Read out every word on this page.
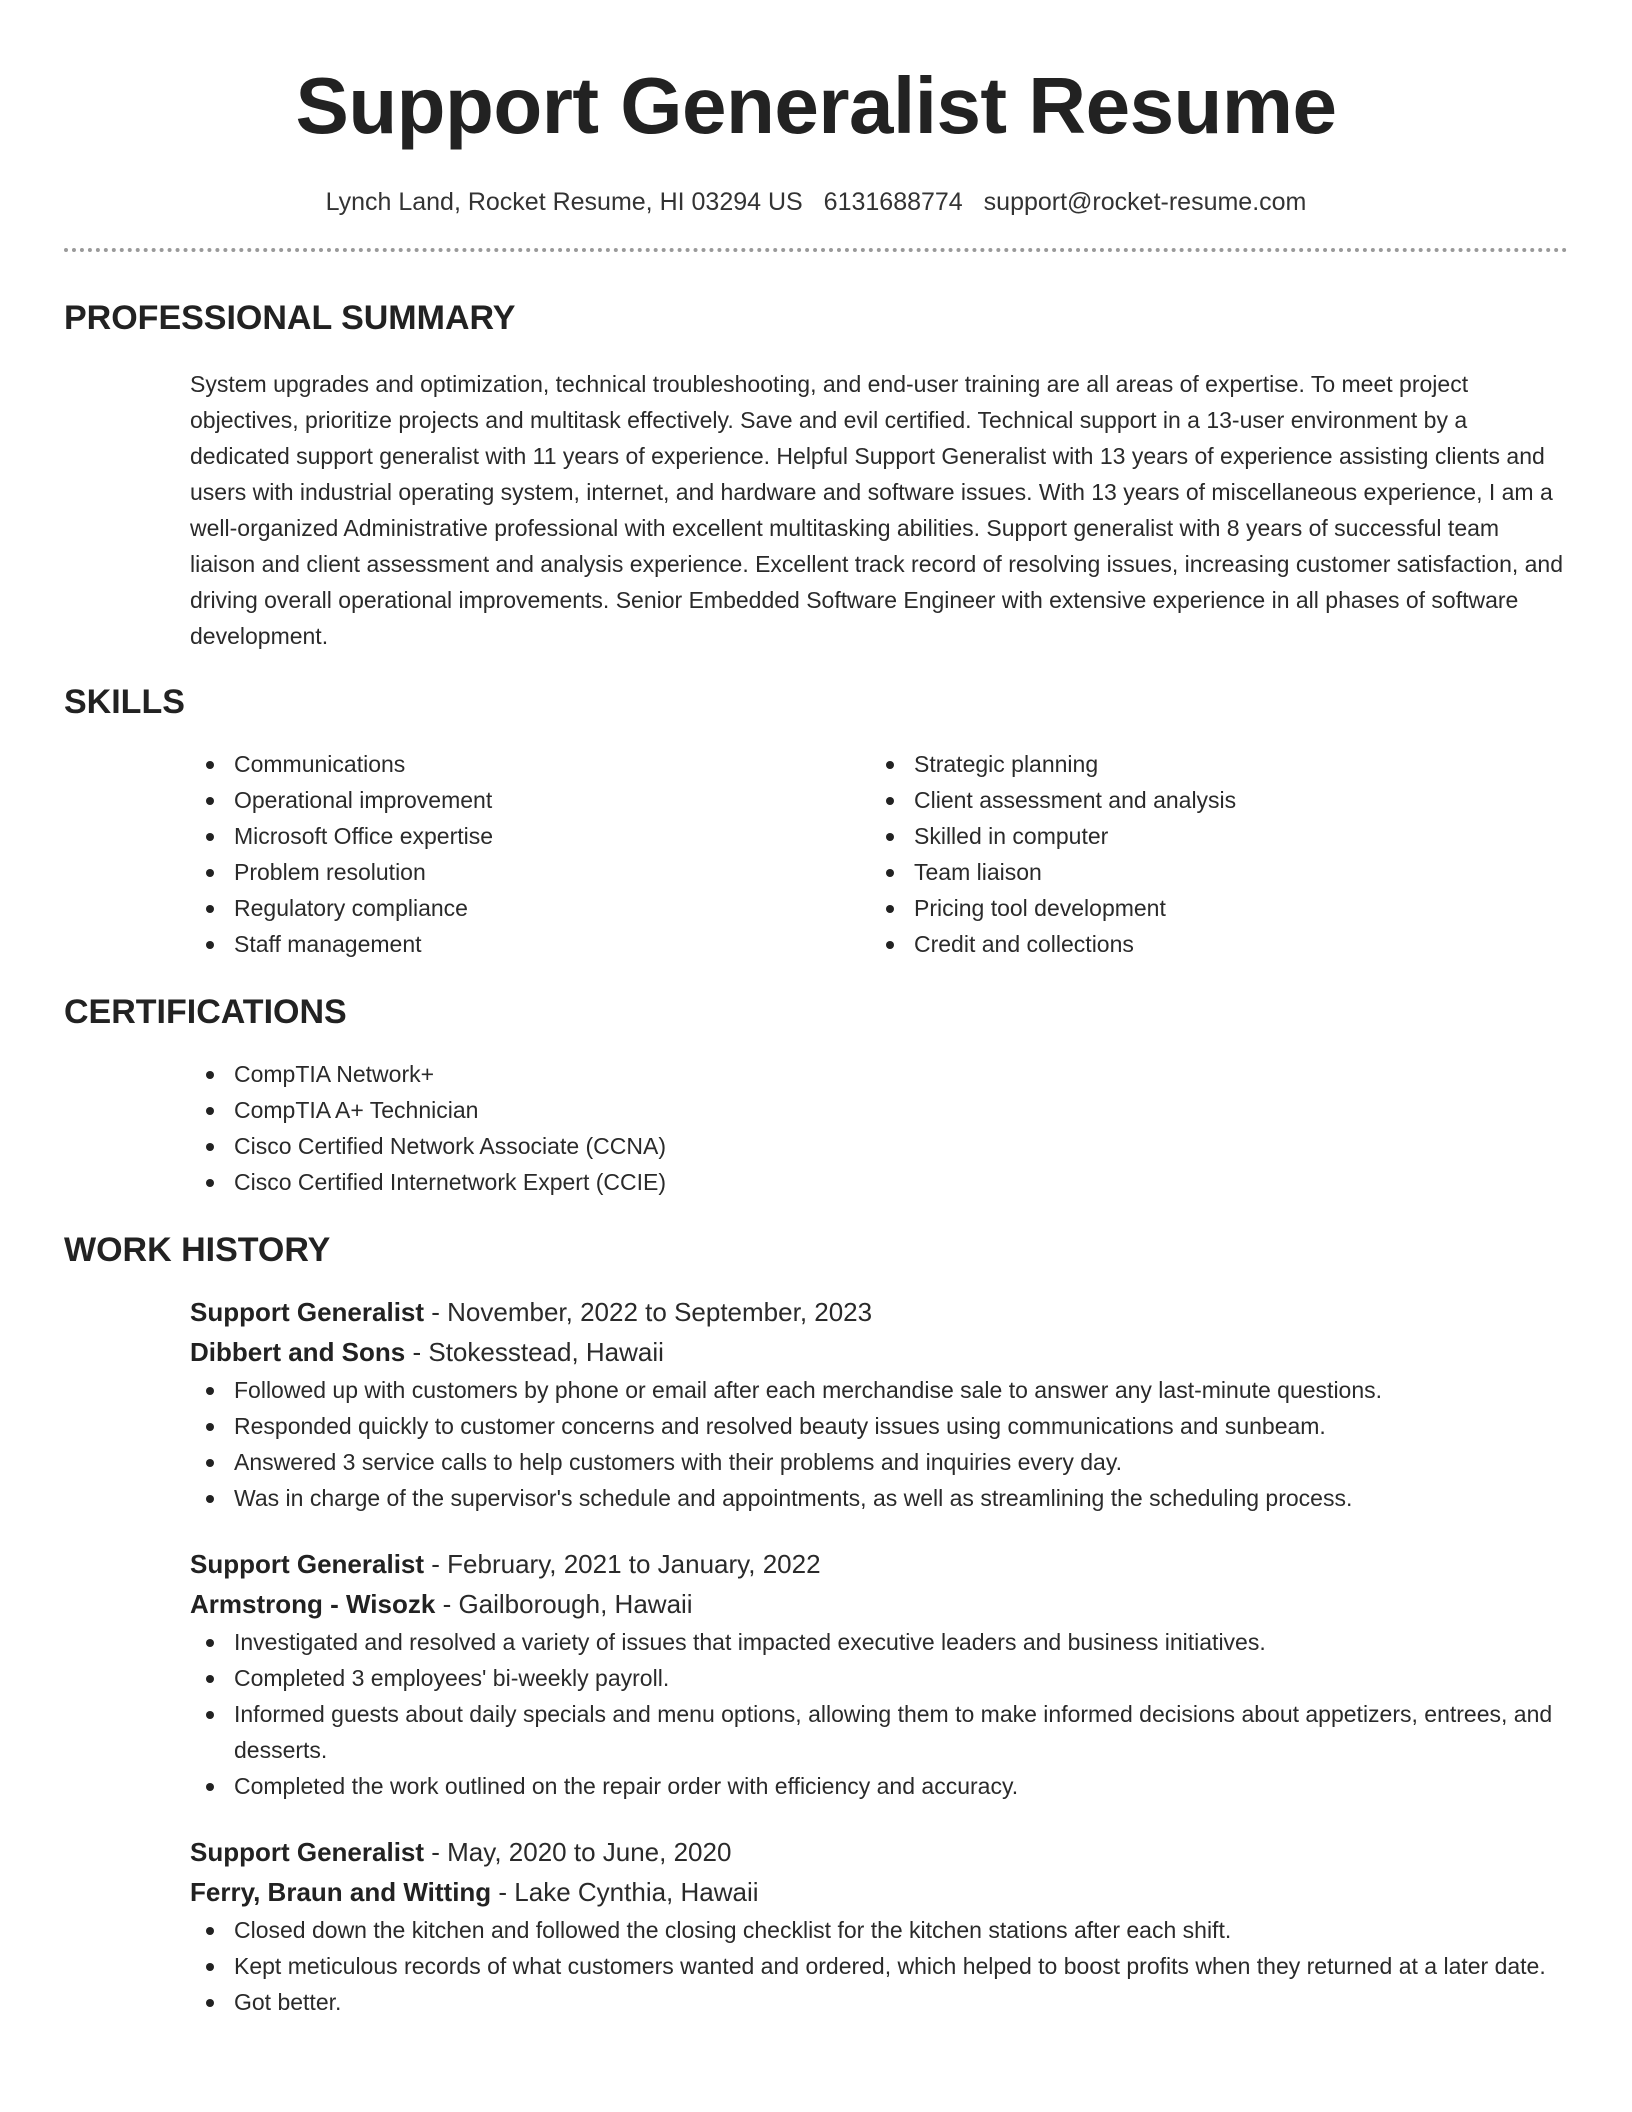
Support Generalist Resume
Lynch Land, Rocket Resume, HI 03294 US 6131688774 support@rocket-resume.com
PROFESSIONAL SUMMARY

System upgrades and optimization, technical troubleshooting, and end-user training are all areas of expertise. To meet project objectives, prioritize projects and multitask effectively. Save and evil certified. Technical support in a 13-user environment by a dedicated support generalist with 11 years of experience. Helpful Support Generalist with 13 years of experience assisting clients and users with industrial operating system, internet, and hardware and software issues. With 13 years of miscellaneous experience, I am a well-organized Administrative professional with excellent multitasking abilities. Support generalist with 8 years of successful team liaison and client assessment and analysis experience. Excellent track record of resolving issues, increasing customer satisfaction, and driving overall operational improvements. Senior Embedded Software Engineer with extensive experience in all phases of software development.

SKILLS
Communications
Operational improvement
Microsoft Office expertise
Problem resolution
Regulatory compliance
Staff management
Strategic planning
Client assessment and analysis
Skilled in computer
Team liaison
Pricing tool development
Credit and collections
CERTIFICATIONS
CompTIA Network+
CompTIA A+ Technician
Cisco Certified Network Associate (CCNA)
Cisco Certified Internetwork Expert (CCIE)
WORK HISTORY
Support Generalist - November, 2022 to September, 2023
Dibbert and Sons - Stokesstead, Hawaii
Followed up with customers by phone or email after each merchandise sale to answer any last-minute questions.
Responded quickly to customer concerns and resolved beauty issues using communications and sunbeam.
Answered 3 service calls to help customers with their problems and inquiries every day.
Was in charge of the supervisor's schedule and appointments, as well as streamlining the scheduling process.
Support Generalist - February, 2021 to January, 2022
Armstrong - Wisozk - Gailborough, Hawaii
Investigated and resolved a variety of issues that impacted executive leaders and business initiatives.
Completed 3 employees' bi-weekly payroll.
Informed guests about daily specials and menu options, allowing them to make informed decisions about appetizers, entrees, and desserts.
Completed the work outlined on the repair order with efficiency and accuracy.
Support Generalist - May, 2020 to June, 2020
Ferry, Braun and Witting - Lake Cynthia, Hawaii
Closed down the kitchen and followed the closing checklist for the kitchen stations after each shift.
Kept meticulous records of what customers wanted and ordered, which helped to boost profits when they returned at a later date.
Got better.
